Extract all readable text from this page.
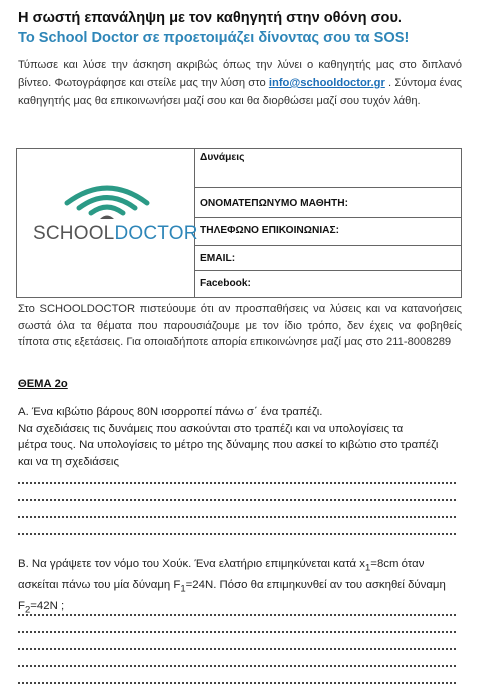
Η σωστή επανάληψη με τον καθηγητή στην οθόνη σου.
Το School Doctor σε προετοιμάζει δίνοντας σου τα SOS!
Τύπωσε και λύσε την άσκηση ακριβώς όπως την λύνει ο καθηγητής μας στο διπλανό βίντεο. Φωτογράφησε και στείλε μας την λύση στο info@schooldoctor.gr . Σύντομα ένας καθηγητής μας θα επικοινωνήσει μαζί σου και θα διορθώσει μαζί σου τυχόν λάθη.
SCHOOLDOCTOR
Δυνάμεις
ΟΝΟΜΑΤΕΠΩΝΥΜΟ ΜΑΘΗΤΗ:
ΤΗΛΕΦΩΝΟ ΕΠΙΚΟΙΝΩΝΙΑΣ:
EMAIL:
Facebook:
Στο SCHOOLDOCTOR πιστεύουμε ότι αν προσπαθήσεις να λύσεις και να κατανοήσεις σωστά όλα τα θέματα που παρουσιάζουμε με τον ίδιο τρόπο, δεν έχεις να φοβηθείς τίποτα στις εξετάσεις. Για οποιαδήποτε απορία επικοινώνησε μαζί μας στο 211-8008289
ΘΕΜΑ 2ο
Α. Ένα κιβώτιο βάρους 80Ν ισορροπεί πάνω σ΄ ένα τραπέζι.
Να σχεδιάσεις τις δυνάμεις που ασκούνται στο τραπέζι και να υπολογίσεις τα
μέτρα τους. Να υπολογίσεις το μέτρο της δύναμης που ασκεί το κιβώτιο στο τραπέζι
και να τη σχεδιάσεις
Β. Να γράψετε τον νόμο του Χούκ. Ένα ελατήριο επιμηκύνεται κατά $x_1=8cm$ όταν ασκείται πάνω του μία δύναμη $F_1=24N$. Πόσο θα επιμηκυνθεί αν του ασκηθεί δύναμη $F_2=42N$ ;
